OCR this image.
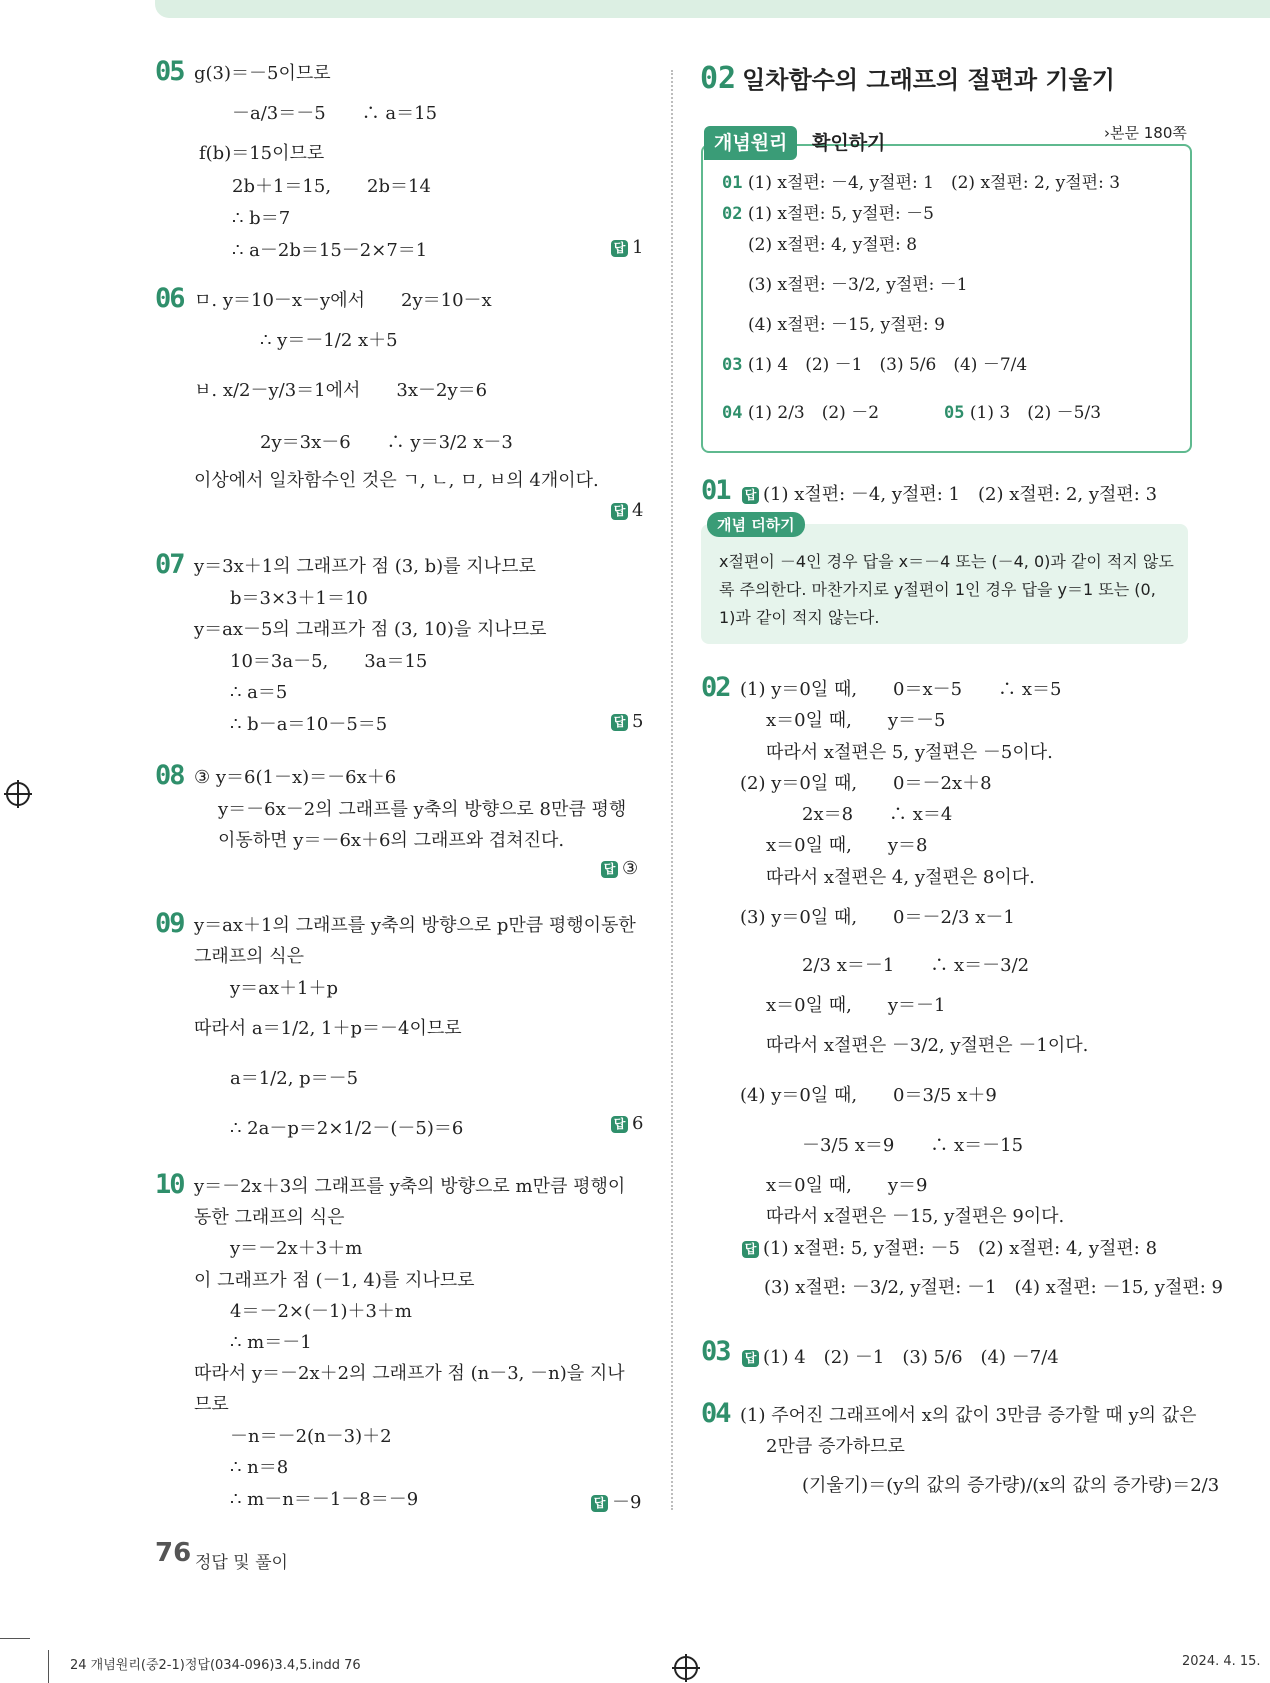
05 g(3)＝－5이므로
－a/3＝－5　　∴ a＝15
f(b)＝15이므로
2b＋1＝15,　　2b＝14
∴ b＝7
∴ a－2b＝15－2×7＝1	답 1
06 ㅁ. y＝10－x－y에서　　2y＝10－x
∴ y＝－1/2 x＋5
ㅂ. x/2－y/3＝1에서　　3x－2y＝6
2y＝3x－6　　∴ y＝3/2 x－3
이상에서 일차함수인 것은 ㄱ, ㄴ, ㅁ, ㅂ의 4개이다.
답 4
07 y＝3x＋1의 그래프가 점 (3, b)를 지나므로
b＝3×3＋1＝10
y＝ax－5의 그래프가 점 (3, 10)을 지나므로
10＝3a－5,　　3a＝15
∴ a＝5
∴ b－a＝10－5＝5	답 5
08 ③ y＝6(1－x)＝－6x＋6
y＝－6x－2의 그래프를 y축의 방향으로 8만큼 평행
이동하면 y＝－6x＋6의 그래프와 겹쳐진다.
답 ③
09 y＝ax＋1의 그래프를 y축의 방향으로 p만큼 평행이동한
그래프의 식은
y＝ax＋1＋p
따라서 a＝1/2, 1＋p＝－4이므로
a＝1/2, p＝－5
∴ 2a－p＝2×1/2－(－5)＝6	답 6
10 y＝－2x＋3의 그래프를 y축의 방향으로 m만큼 평행이
동한 그래프의 식은
y＝－2x＋3＋m
이 그래프가 점 (－1, 4)를 지나므로
4＝－2×(－1)＋3＋m
∴ m＝－1
따라서 y＝－2x＋2의 그래프가 점 (n－3, －n)을 지나
므로
－n＝－2(n－3)＋2
∴ n＝8
∴ m－n＝－1－8＝－9	답 －9
02 일차함수의 그래프의 절편과 기울기
개념원리	확인하기	›본문 180쪽
01 (1) x절편: －4, y절편: 1　(2) x절편: 2, y절편: 3
02 (1) x절편: 5, y절편: －5
(2) x절편: 4, y절편: 8
(3) x절편: －3/2, y절편: －1
(4) x절편: －15, y절편: 9
03 (1) 4　(2) －1　(3) 5/6　(4) －7/4
04 (1) 2/3　(2) －2	05 (1) 3　(2) －5/3
01 답 (1) x절편: －4, y절편: 1　(2) x절편: 2, y절편: 3
개념 더하기
x절편이 －4인 경우 답을 x＝－4 또는 (－4, 0)과 같이 적지 않도록 주의한다. 마찬가지로 y절편이 1인 경우 답을 y＝1 또는 (0, 1)과 같이 적지 않는다.
02 (1) y＝0일 때,　　0＝x－5　　∴ x＝5
x＝0일 때,　　y＝－5
따라서 x절편은 5, y절편은 －5이다.
(2) y＝0일 때,　　0＝－2x＋8
2x＝8　　∴ x＝4
x＝0일 때,　　y＝8
따라서 x절편은 4, y절편은 8이다.
(3) y＝0일 때,　　0＝－2/3 x－1
2/3 x＝－1　　∴ x＝－3/2
x＝0일 때,　　y＝－1
따라서 x절편은 －3/2, y절편은 －1이다.
(4) y＝0일 때,　　0＝3/5 x＋9
－3/5 x＝9　　∴ x＝－15
x＝0일 때,　　y＝9
따라서 x절편은 －15, y절편은 9이다.
답 (1) x절편: 5, y절편: －5　(2) x절편: 4, y절편: 8
(3) x절편: －3/2, y절편: －1　(4) x절편: －15, y절편: 9
03 답 (1) 4　(2) －1　(3) 5/6　(4) －7/4
04 (1) 주어진 그래프에서 x의 값이 3만큼 증가할 때 y의 값은
2만큼 증가하므로
(기울기)＝(y의 값의 증가량)/(x의 값의 증가량)＝2/3
76 정답 및 풀이
24 개념원리(중2-1)정답(034-096)3.4,5.indd 76	2024. 4. 15.
